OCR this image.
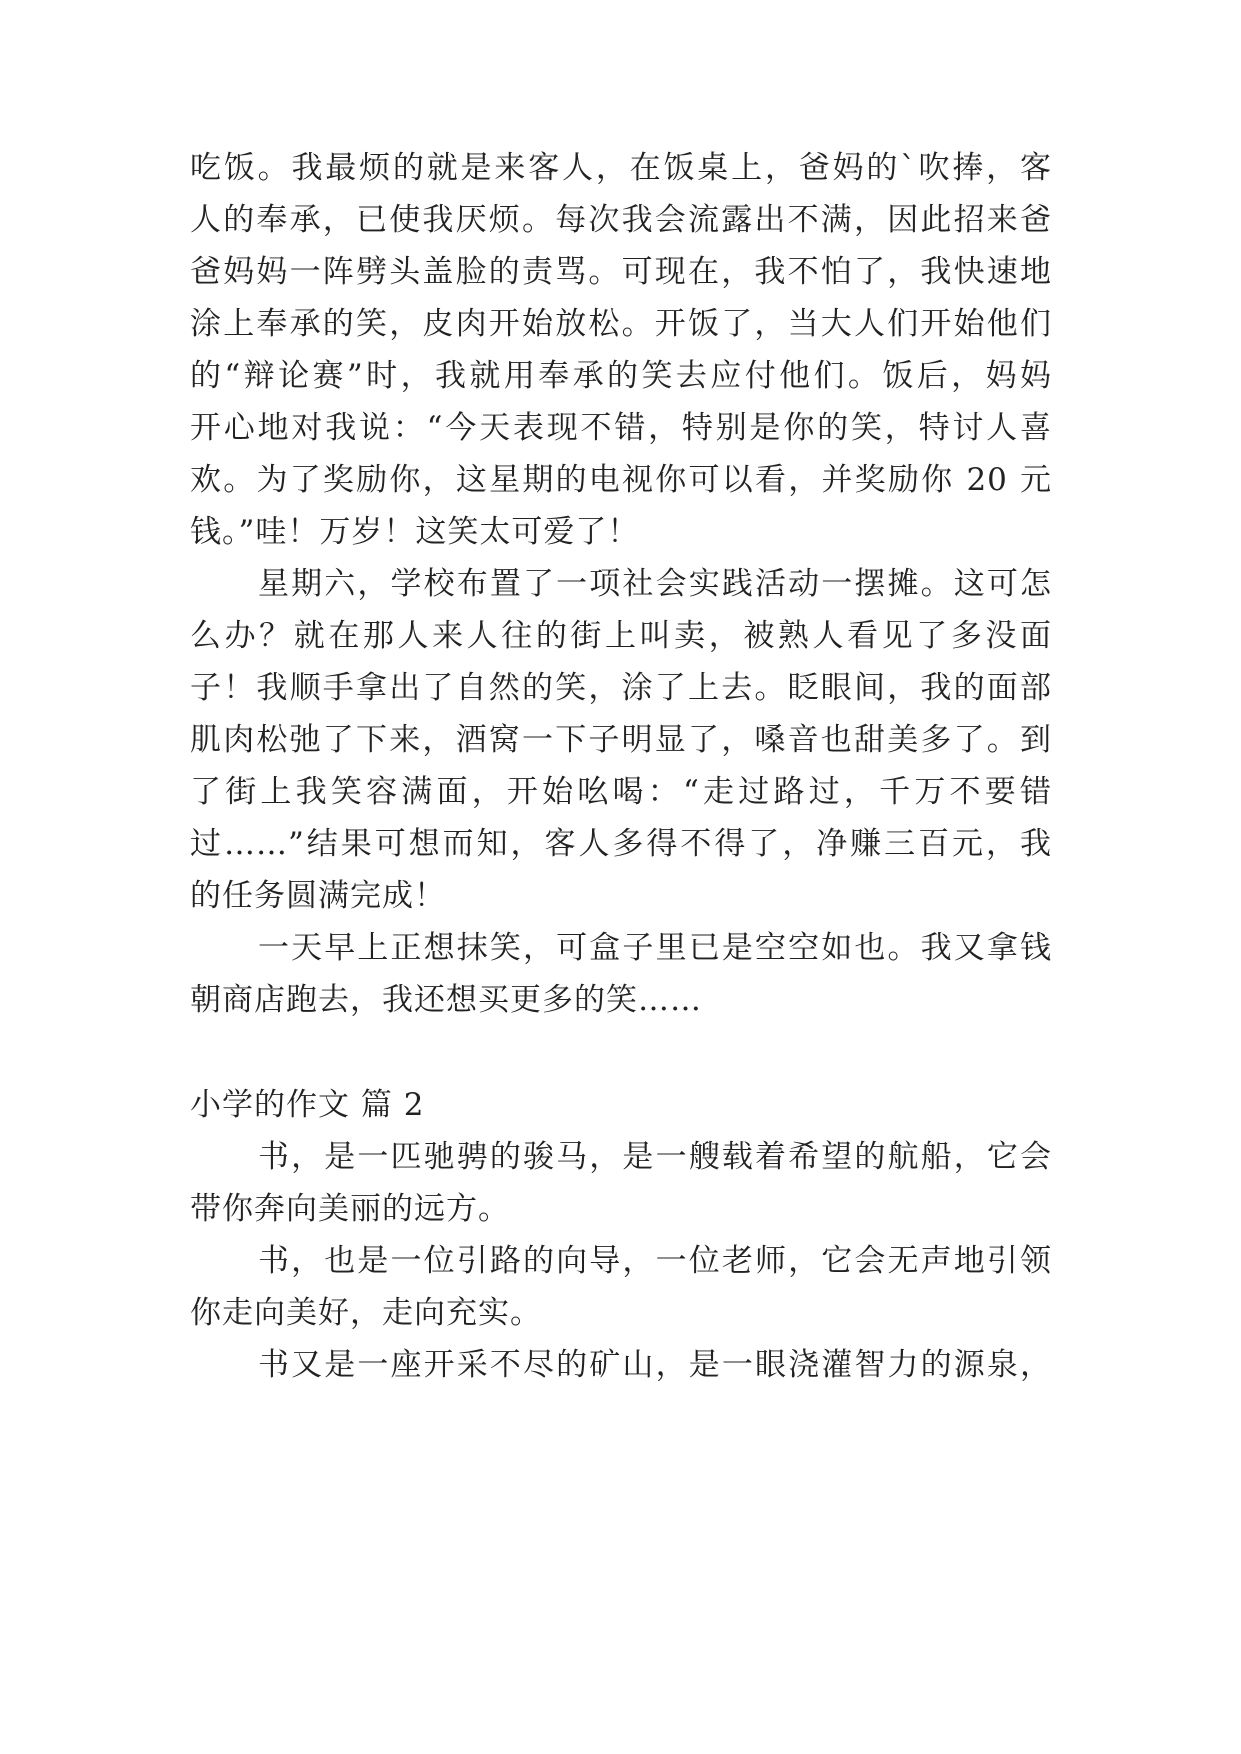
吃饭。我最烦的就是来客人，在饭桌上，爸妈的`吹捧，客
人的奉承，已使我厌烦。每次我会流露出不满，因此招来爸
爸妈妈一阵劈头盖脸的责骂。可现在，我不怕了，我快速地
涂上奉承的笑，皮肉开始放松。开饭了，当大人们开始他们
的“辩论赛”时，我就用奉承的笑去应付他们。饭后，妈妈
开心地对我说：“今天表现不错，特别是你的笑，特讨人喜
欢。为了奖励你，这星期的电视你可以看，并奖励你 20 元
钱。”哇！万岁！这笑太可爱了！
星期六，学校布置了一项社会实践活动一摆摊。这可怎
么办？就在那人来人往的街上叫卖，被熟人看见了多没面
子！我顺手拿出了自然的笑，涂了上去。眨眼间，我的面部
肌肉松弛了下来，酒窝一下子明显了，嗓音也甜美多了。到
了街上我笑容满面，开始吆喝：“走过路过，千万不要错
过……”结果可想而知，客人多得不得了，净赚三百元，我
的任务圆满完成！
一天早上正想抹笑，可盒子里已是空空如也。我又拿钱
朝商店跑去，我还想买更多的笑……
小学的作文 篇 2
书，是一匹驰骋的骏马，是一艘载着希望的航船，它会
带你奔向美丽的远方。
书，也是一位引路的向导，一位老师，它会无声地引领
你走向美好，走向充实。
书又是一座开采不尽的矿山，是一眼浇灌智力的源泉，
